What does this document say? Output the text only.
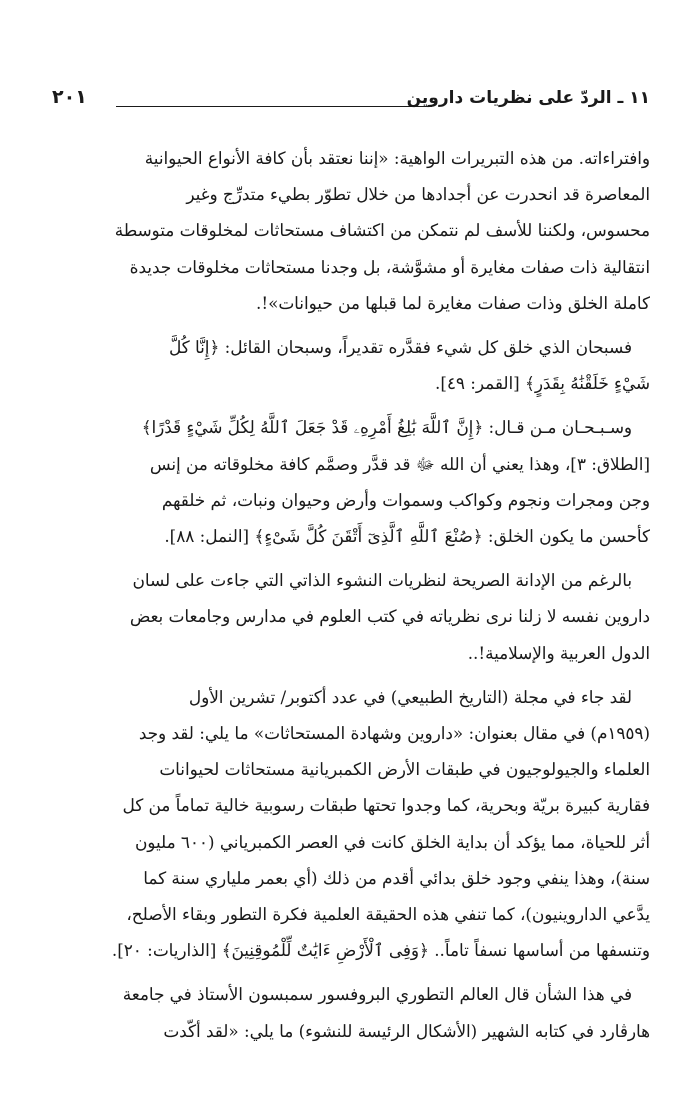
١١ ـ الردّ على نظريات داروين
٢٠١

وافتراءاته. من هذه التبريرات الواهية: «إننا نعتقد بأن كافة الأنواع الحيوانية
المعاصرة قد انحدرت عن أجدادها من خلال تطوّر بطيء متدرِّج وغير
محسوس، ولكننا للأسف لم نتمكن من اكتشاف مستحاثات لمخلوقات متوسطة
انتقالية ذات صفات مغايرة أو مشوَّشة، بل وجدنا مستحاثات مخلوقات جديدة
كاملة الخلق وذات صفات مغايرة لما قبلها من حيوانات»!.

فسبحان الذي خلق كل شيء فقدَّره تقديراً، وسبحان القائل: ﴿إِنَّا كُلَّ
شَيْءٍ خَلَقْنَٰهُ بِقَدَرٍ﴾ [القمر: ٤٩].

وسـبـحـان مـن قـال: ﴿إِنَّ ٱللَّهَ بَٰلِغُ أَمْرِهِۦ قَدْ جَعَلَ ٱللَّهُ لِكُلِّ شَيْءٍ قَدْرًا﴾
[الطلاق: ٣]، وهذا يعني أن الله ﷻ قد قدَّر وصمَّم كافة مخلوقاته من إنس
وجن ومجرات ونجوم وكواكب وسموات وأرض وحيوان ونبات، ثم خلقهم
كأحسن ما يكون الخلق: ﴿صُنْعَ ٱللَّهِ ٱلَّذِىٓ أَتْقَنَ كُلَّ شَىْءٍ﴾ [النمل: ٨٨].

بالرغم من الإدانة الصريحة لنظريات النشوء الذاتي التي جاءت على لسان
داروين نفسه لا زلنا نرى نظرياته في كتب العلوم في مدارس وجامعات بعض
الدول العربية والإسلامية!..

لقد جاء في مجلة (التاريخ الطبيعي) في عدد أكتوبر/ تشرين الأول
(١٩٥٩م) في مقال بعنوان: «داروين وشهادة المستحاثات» ما يلي: لقد وجد
العلماء والجيولوجيون في طبقات الأرض الكمبريانية مستحاثات لحيوانات
فقارية كبيرة بريّة وبحرية، كما وجدوا تحتها طبقات رسوبية خالية تماماً من كل
أثر للحياة، مما يؤكد أن بداية الخلق كانت في العصر الكمبرياني (٦٠٠ مليون
سنة)، وهذا ينفي وجود خلق بدائي أقدم من ذلك (أي بعمر ملياري سنة كما
يدَّعي الداروينيون)، كما تنفي هذه الحقيقة العلمية فكرة التطور وبقاء الأصلح،
وتنسفها من أساسها نسفاً تاماً.. ﴿وَفِى ٱلْأَرْضِ ءَايَٰتٌ لِّلْمُوقِنِينَ﴾ [الذاريات: ٢٠].

في هذا الشأن قال العالم التطوري البروفسور سمبسون الأستاذ في جامعة
هارڤارد في كتابه الشهير (الأشكال الرئيسة للنشوء) ما يلي: «لقد أكّدت
